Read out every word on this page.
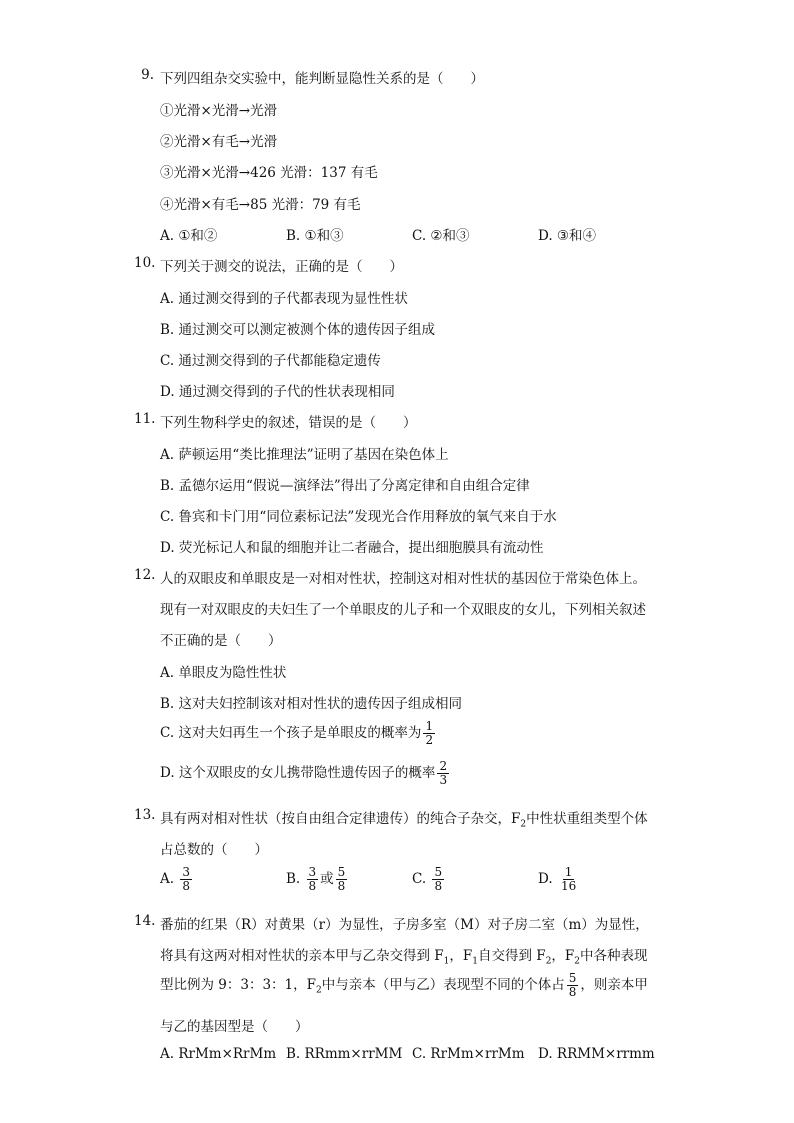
9. 下列四组杂交实验中，能判断显隐性关系的是（　　）
①光滑×光滑→光滑
②光滑×有毛→光滑
③光滑×光滑→426 光滑：137 有毛
④光滑×有毛→85 光滑：79 有毛
A. ①和②	B. ①和③	C. ②和③	D. ③和④
10. 下列关于测交的说法，正确的是（　　）
A. 通过测交得到的子代都表现为显性性状
B. 通过测交可以测定被测个体的遗传因子组成
C. 通过测交得到的子代都能稳定遗传
D. 通过测交得到的子代的性状表现相同
11. 下列生物科学史的叙述，错误的是（　　）
A. 萨顿运用“类比推理法”证明了基因在染色体上
B. 孟德尔运用“假说—演绎法”得出了分离定律和自由组合定律
C. 鲁宾和卡门用“同位素标记法”发现光合作用释放的氧气来自于水
D. 荧光标记人和鼠的细胞并让二者融合，提出细胞膜具有流动性
12. 人的双眼皮和单眼皮是一对相对性状，控制这对相对性状的基因位于常染色体上。
现有一对双眼皮的夫妇生了一个单眼皮的儿子和一个双眼皮的女儿，下列相关叙述
不正确的是（　　）
A. 单眼皮为隐性性状
B. 这对夫妇控制该对相对性状的遗传因子组成相同
C. 这对夫妇再生一个孩子是单眼皮的概率为 $\frac{1}{2}$
D. 这个双眼皮的女儿携带隐性遗传因子的概率 $\frac{2}{3}$
13. 具有两对相对性状（按自由组合定律遗传）的纯合子杂交，$F_2$中性状重组类型个体
占总数的（　　）
A. $\frac{3}{8}$	B. $\frac{3}{8}$ 或 $\frac{5}{8}$	C. $\frac{5}{8}$	D. $\frac{1}{16}$
14. 番茄的红果（R）对黄果（r）为显性，子房多室（M）对子房二室（m）为显性，
将具有这两对相对性状的亲本甲与乙杂交得到 $F_1$，$F_1$自交得到 $F_2$，$F_2$中各种表现
型比例为 9：3：3：1，$F_2$中与亲本（甲与乙）表现型不同的个体占 $\frac{5}{8}$ ，则亲本甲
与乙的基因型是（　　）
A. RrMm×RrMm B. RRmm×rrMM C. RrMm×rrMm D. RRMM×rrmm
